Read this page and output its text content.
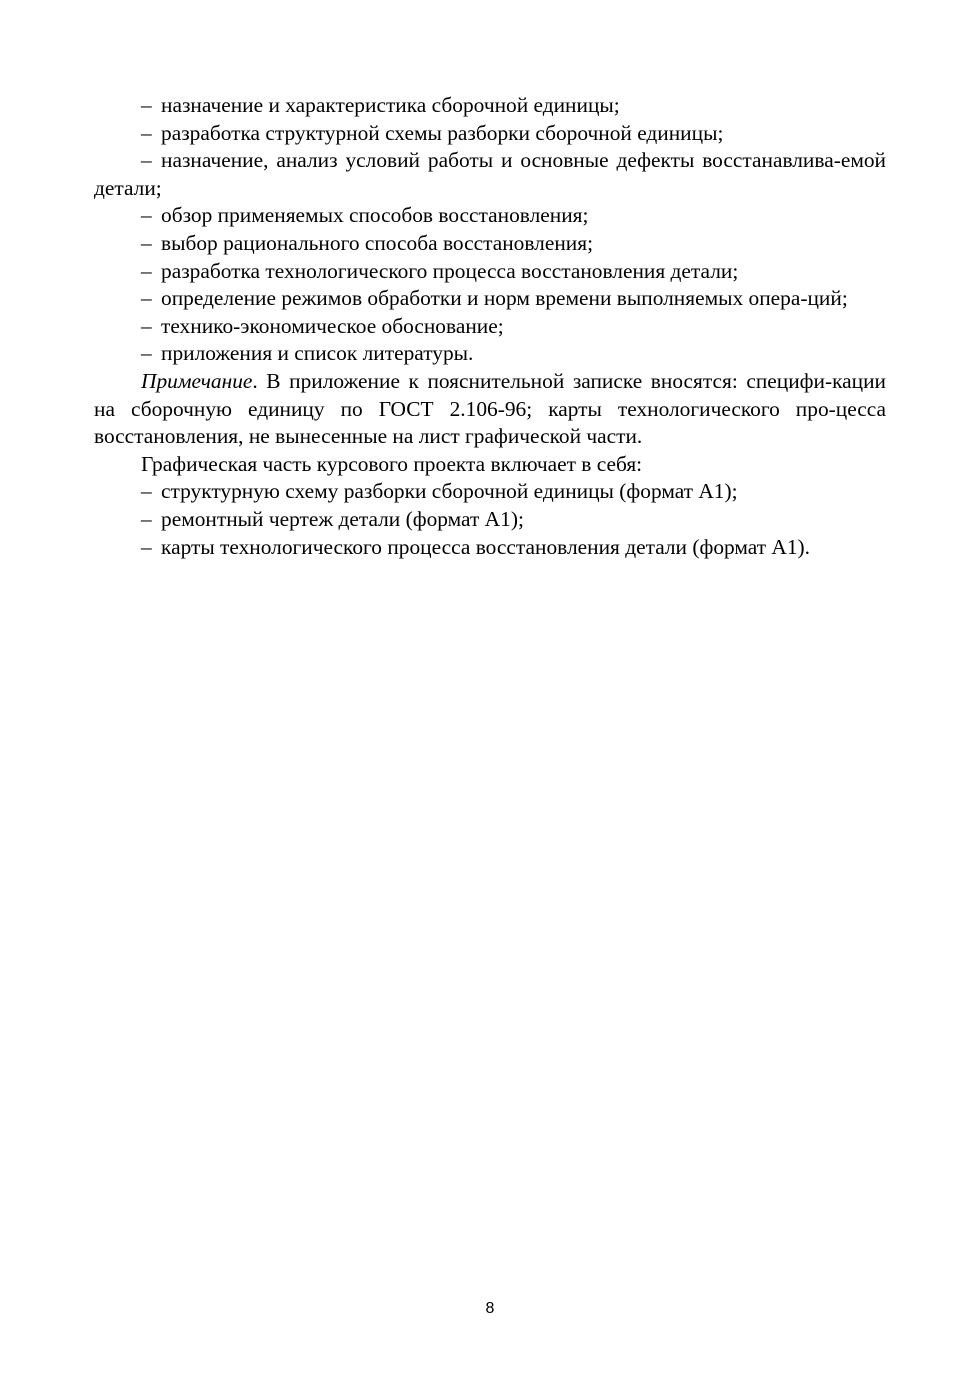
– назначение и характеристика сборочной единицы;

– разработка структурной схемы разборки сборочной единицы;

– назначение, анализ условий работы и основные дефекты восстанавлива-емой детали;

– обзор применяемых способов восстановления;

– выбор рационального способа восстановления;

– разработка технологического процесса восстановления детали;

– определение режимов обработки и норм времени выполняемых опера-ций;

– технико-экономическое обоснование;

– приложения и список литературы.

Примечание. В приложение к пояснительной записке вносятся: специфи-кации на сборочную единицу по ГОСТ 2.106-96; карты технологического про-цесса восстановления, не вынесенные на лист графической части.

Графическая часть курсового проекта включает в себя:

– структурную схему разборки сборочной единицы (формат А1);

– ремонтный чертеж детали (формат А1);

– карты технологического процесса восстановления детали (формат А1).

8
